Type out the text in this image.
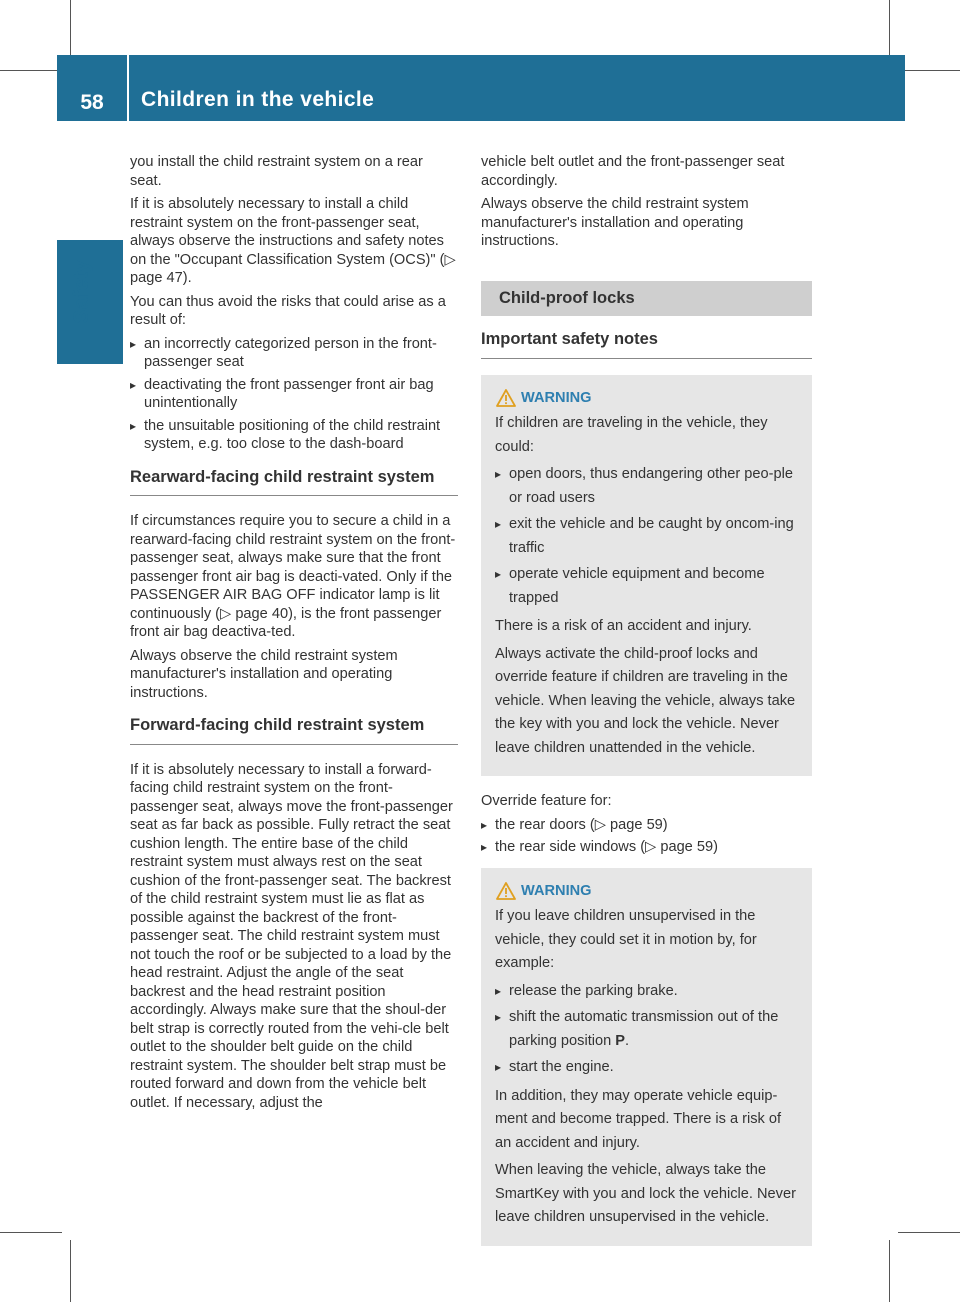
58	Children in the vehicle
Safety

you install the child restraint system on a rear seat.

If it is absolutely necessary to install a child restraint system on the front-passenger seat, always observe the instructions and safety notes on the "Occupant Classification System (OCS)" (▷ page 47).

You can thus avoid the risks that could arise as a result of:

▸ an incorrectly categorized person in the front-passenger seat
▸ deactivating the front passenger front air bag unintentionally
▸ the unsuitable positioning of the child restraint system, e.g. too close to the dash-board
Rearward-facing child restraint system

If circumstances require you to secure a child in a rearward-facing child restraint system on the front-passenger seat, always make sure that the front passenger front air bag is deacti-vated. Only if the PASSENGER AIR BAG OFF indicator lamp is lit continuously (▷ page 40), is the front passenger front air bag deactiva-ted.

Always observe the child restraint system manufacturer's installation and operating instructions.

Forward-facing child restraint system

If it is absolutely necessary to install a forward-facing child restraint system on the front-passenger seat, always move the front-passenger seat as far back as possible. Fully retract the seat cushion length. The entire base of the child restraint system must always rest on the seat cushion of the front-passenger seat. The backrest of the child restraint system must lie as flat as possible against the backrest of the front-passenger seat. The child restraint system must not touch the roof or be subjected to a load by the head restraint. Adjust the angle of the seat backrest and the head restraint position accordingly. Always make sure that the shoul-der belt strap is correctly routed from the vehi-cle belt outlet to the shoulder belt guide on the child restraint system. The shoulder belt strap must be routed forward and down from the vehicle belt outlet. If necessary, adjust the

vehicle belt outlet and the front-passenger seat accordingly.

Always observe the child restraint system manufacturer's installation and operating instructions.

Child-proof locks
Important safety notes
WARNING

If children are traveling in the vehicle, they could:

▸ open doors, thus endangering other peo-ple or road users
▸ exit the vehicle and be caught by oncom-ing traffic
▸ operate vehicle equipment and become trapped

There is a risk of an accident and injury.

Always activate the child-proof locks and override feature if children are traveling in the vehicle. When leaving the vehicle, always take the key with you and lock the vehicle. Never leave children unattended in the vehicle.

Override feature for:

▸ the rear doors (▷ page 59)
▸ the rear side windows (▷ page 59)
WARNING

If you leave children unsupervised in the vehicle, they could set it in motion by, for example:

▸ release the parking brake.
▸ shift the automatic transmission out of the parking position P.
▸ start the engine.

In addition, they may operate vehicle equip-ment and become trapped. There is a risk of an accident and injury.

When leaving the vehicle, always take the SmartKey with you and lock the vehicle. Never leave children unsupervised in the vehicle.
